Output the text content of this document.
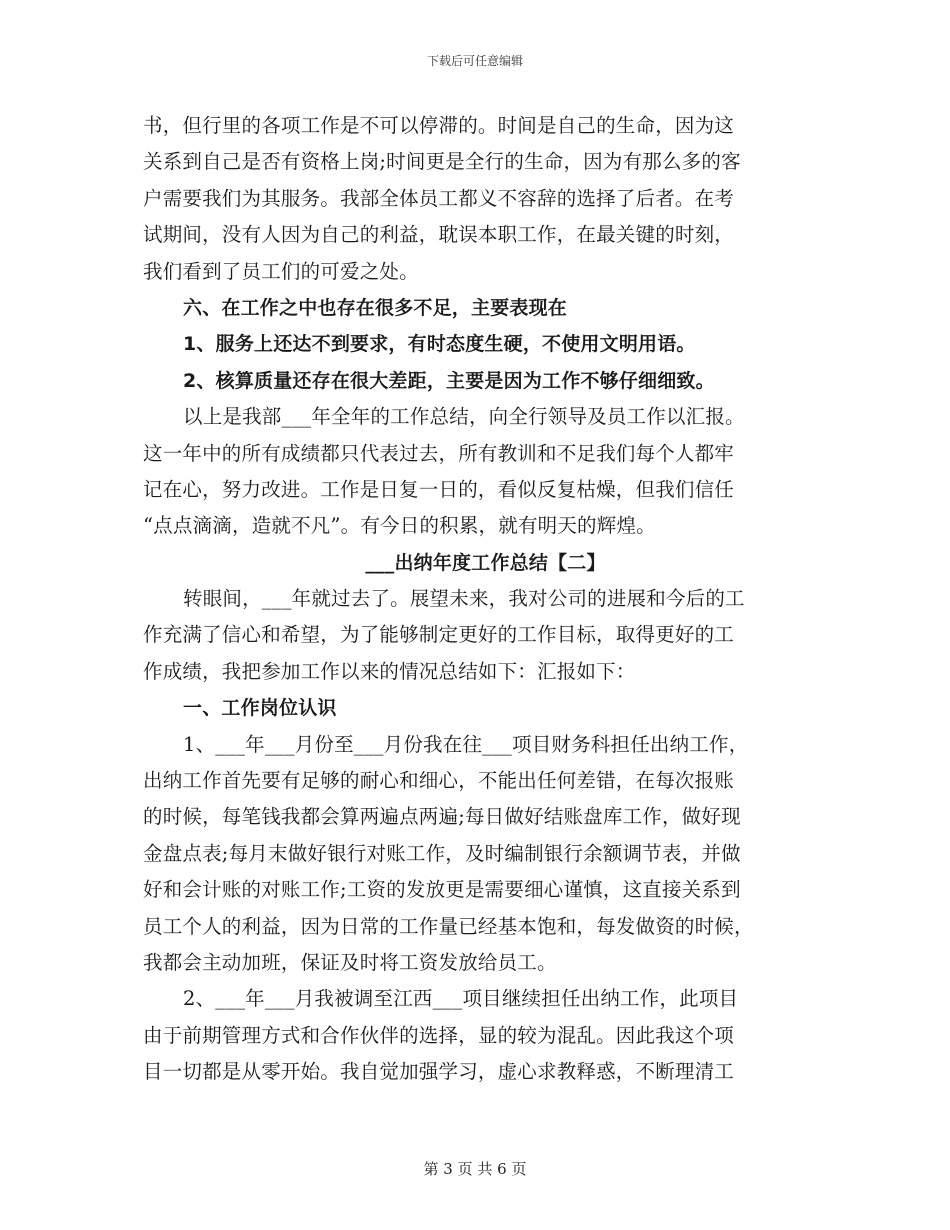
下载后可任意编辑
书，但行里的各项工作是不可以停滞的。时间是自己的生命，因为这
关系到自己是否有资格上岗;时间更是全行的生命，因为有那么多的客
户需要我们为其服务。我部全体员工都义不容辞的选择了后者。在考
试期间，没有人因为自己的利益，耽误本职工作，在最关键的时刻，
我们看到了员工们的可爱之处。
六、在工作之中也存在很多不足，主要表现在
1、服务上还达不到要求，有时态度生硬，不使用文明用语。
2、核算质量还存在很大差距，主要是因为工作不够仔细细致。
以上是我部___年全年的工作总结，向全行领导及员工作以汇报。
这一年中的所有成绩都只代表过去，所有教训和不足我们每个人都牢
记在心，努力改进。工作是日复一日的，看似反复枯燥，但我们信任
“点点滴滴，造就不凡”。有今日的积累，就有明天的辉煌。
___出纳年度工作总结【二】
转眼间，___年就过去了。展望未来，我对公司的进展和今后的工
作充满了信心和希望，为了能够制定更好的工作目标，取得更好的工
作成绩，我把参加工作以来的情况总结如下：汇报如下：
一、工作岗位认识
1、___年___月份至___月份我在往___项目财务科担任出纳工作，
出纳工作首先要有足够的耐心和细心，不能出任何差错，在每次报账
的时候，每笔钱我都会算两遍点两遍;每日做好结账盘库工作，做好现
金盘点表;每月末做好银行对账工作，及时编制银行余额调节表，并做
好和会计账的对账工作;工资的发放更是需要细心谨慎，这直接关系到
员工个人的利益，因为日常的工作量已经基本饱和，每发做资的时候，
我都会主动加班，保证及时将工资发放给员工。
2、___年___月我被调至江西___项目继续担任出纳工作，此项目
由于前期管理方式和合作伙伴的选择，显的较为混乱。因此我这个项
目一切都是从零开始。我自觉加强学习，虚心求教释惑，不断理清工
第 3 页 共 6 页
